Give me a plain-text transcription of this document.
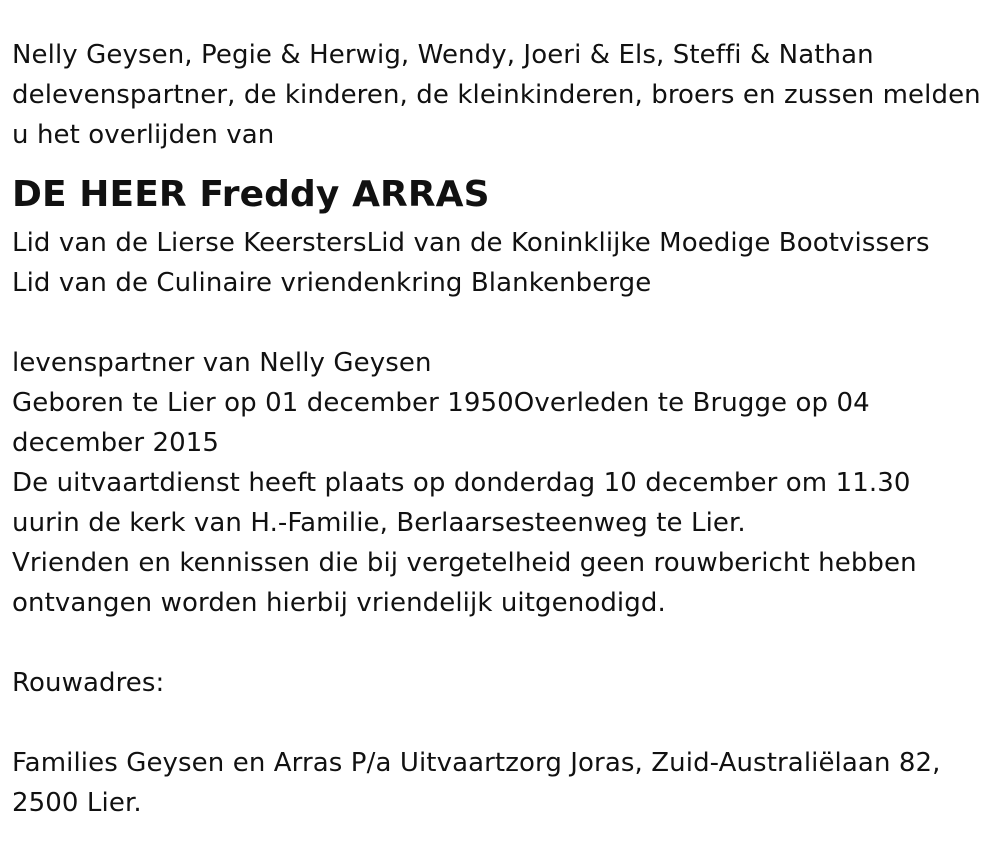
Nelly Geysen, Pegie & Herwig, Wendy, Joeri & Els, Steffi & Nathan
delevenspartner, de kinderen, de kleinkinderen, broers en zussen melden
u het overlijden van
DE HEER Freddy ARRAS
Lid van de Lierse KeerstersLid van de Koninklijke Moedige Bootvissers
Lid van de Culinaire vriendenkring Blankenberge
levenspartner van Nelly Geysen
Geboren te Lier op 01 december 1950Overleden te Brugge op 04
december 2015
De uitvaartdienst heeft plaats op donderdag 10 december om 11.30
uurin de kerk van H.-Familie, Berlaarsesteenweg te Lier.
Vrienden en kennissen die bij vergetelheid geen rouwbericht hebben
ontvangen worden hierbij vriendelijk uitgenodigd.
Rouwadres:
Families Geysen en Arras P/a Uitvaartzorg Joras, Zuid-Australiëlaan 82,
2500 Lier.
